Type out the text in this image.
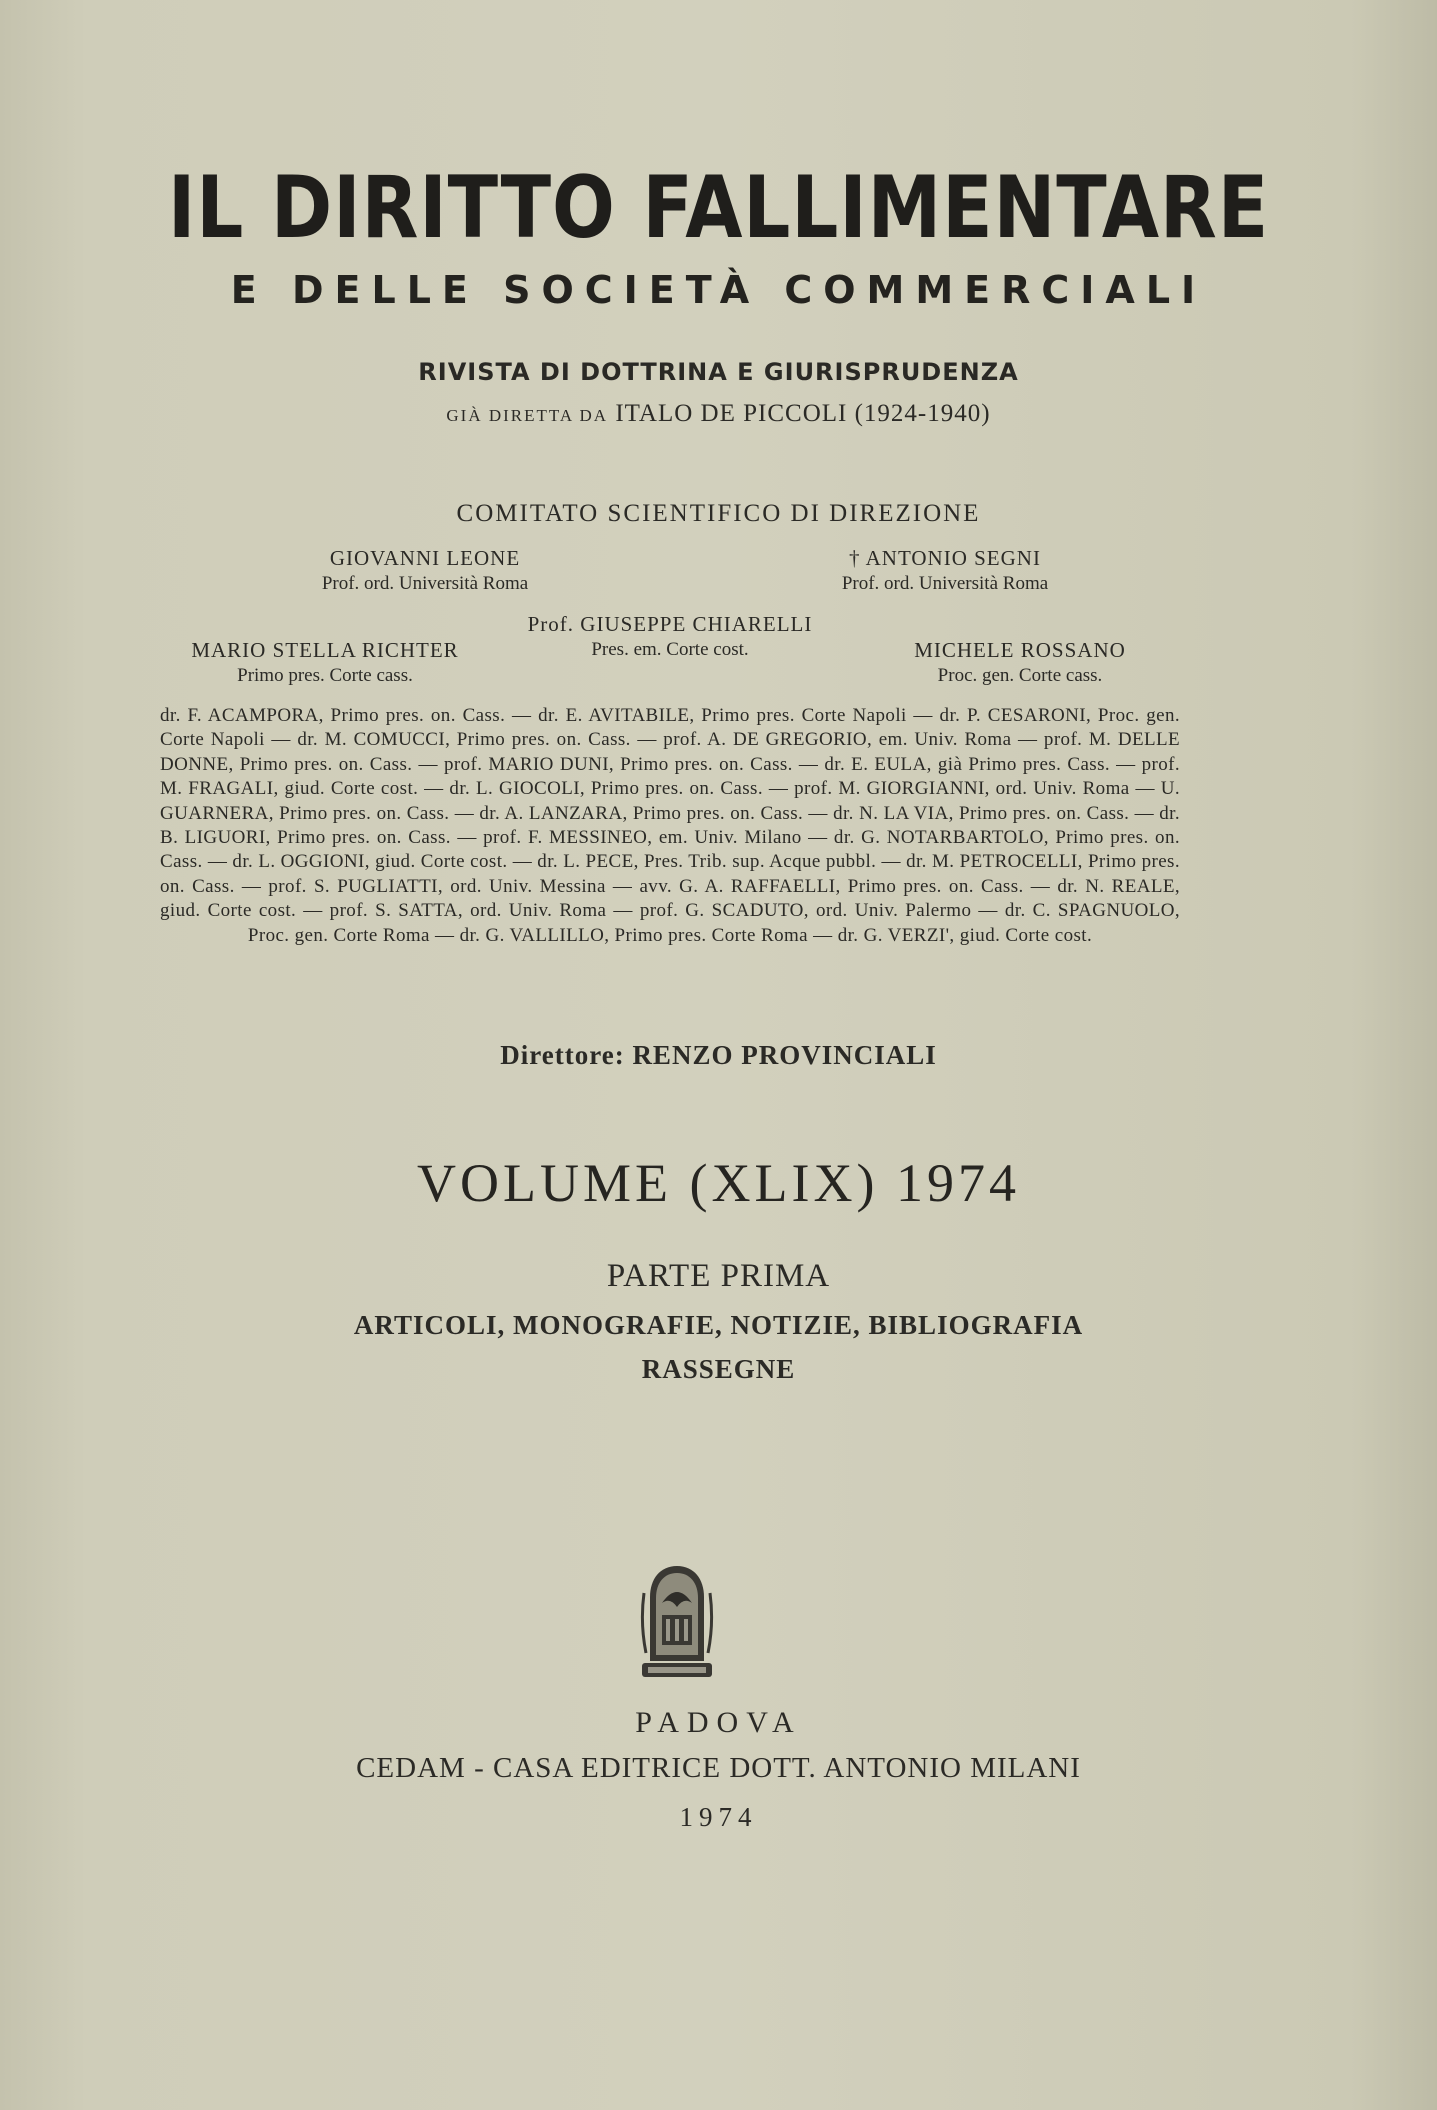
IL DIRITTO FALLIMENTARE
E DELLE SOCIETÀ COMMERCIALI
RIVISTA DI DOTTRINA E GIURISPRUDENZA
GIÀ DIRETTA DA ITALO DE PICCOLI (1924-1940)
COMITATO SCIENTIFICO DI DIREZIONE
GIOVANNI LEONE
Prof. ord. Università Roma
† ANTONIO SEGNI
Prof. ord. Università Roma
Prof. GIUSEPPE CHIARELLI
Pres. em. Corte cost.
MARIO STELLA RICHTER
Primo pres. Corte cass.
MICHELE ROSSANO
Proc. gen. Corte cass.
dr. F. ACAMPORA, Primo pres. on. Cass. — dr. E. AVITABILE, Primo pres. Corte Napoli — dr. P. CESARONI, Proc. gen. Corte Napoli — dr. M. COMUCCI, Primo pres. on. Cass. — prof. A. DE GREGORIO, em. Univ. Roma — prof. M. DELLE DONNE, Primo pres. on. Cass. — prof. MARIO DUNI, Primo pres. on. Cass. — dr. E. EULA, già Primo pres. Cass. — prof. M. FRAGALI, giud. Corte cost. — dr. L. GIOCOLI, Primo pres. on. Cass. — prof. M. GIORGIANNI, ord. Univ. Roma — U. GUARNERA, Primo pres. on. Cass. — dr. A. LANZARA, Primo pres. on. Cass. — dr. N. LA VIA, Primo pres. on. Cass. — dr. B. LIGUORI, Primo pres. on. Cass. — prof. F. MESSINEO, em. Univ. Milano — dr. G. NOTARBARTOLO, Primo pres. on. Cass. — dr. L. OGGIONI, giud. Corte cost. — dr. L. PECE, Pres. Trib. sup. Acque pubbl. — dr. M. PETROCELLI, Primo pres. on. Cass. — prof. S. PUGLIATTI, ord. Univ. Messina — avv. G. A. RAFFAELLI, Primo pres. on. Cass. — dr. N. REALE, giud. Corte cost. — prof. S. SATTA, ord. Univ. Roma — prof. G. SCADUTO, ord. Univ. Palermo — dr. C. SPAGNUOLO, Proc. gen. Corte Roma — dr. G. VALLILLO, Primo pres. Corte Roma — dr. G. VERZI', giud. Corte cost.
Direttore: RENZO PROVINCIALI
VOLUME (XLIX) 1974
PARTE PRIMA
ARTICOLI, MONOGRAFIE, NOTIZIE, BIBLIOGRAFIA
RASSEGNE
PADOVA
CEDAM - CASA EDITRICE DOTT. ANTONIO MILANI
1974
